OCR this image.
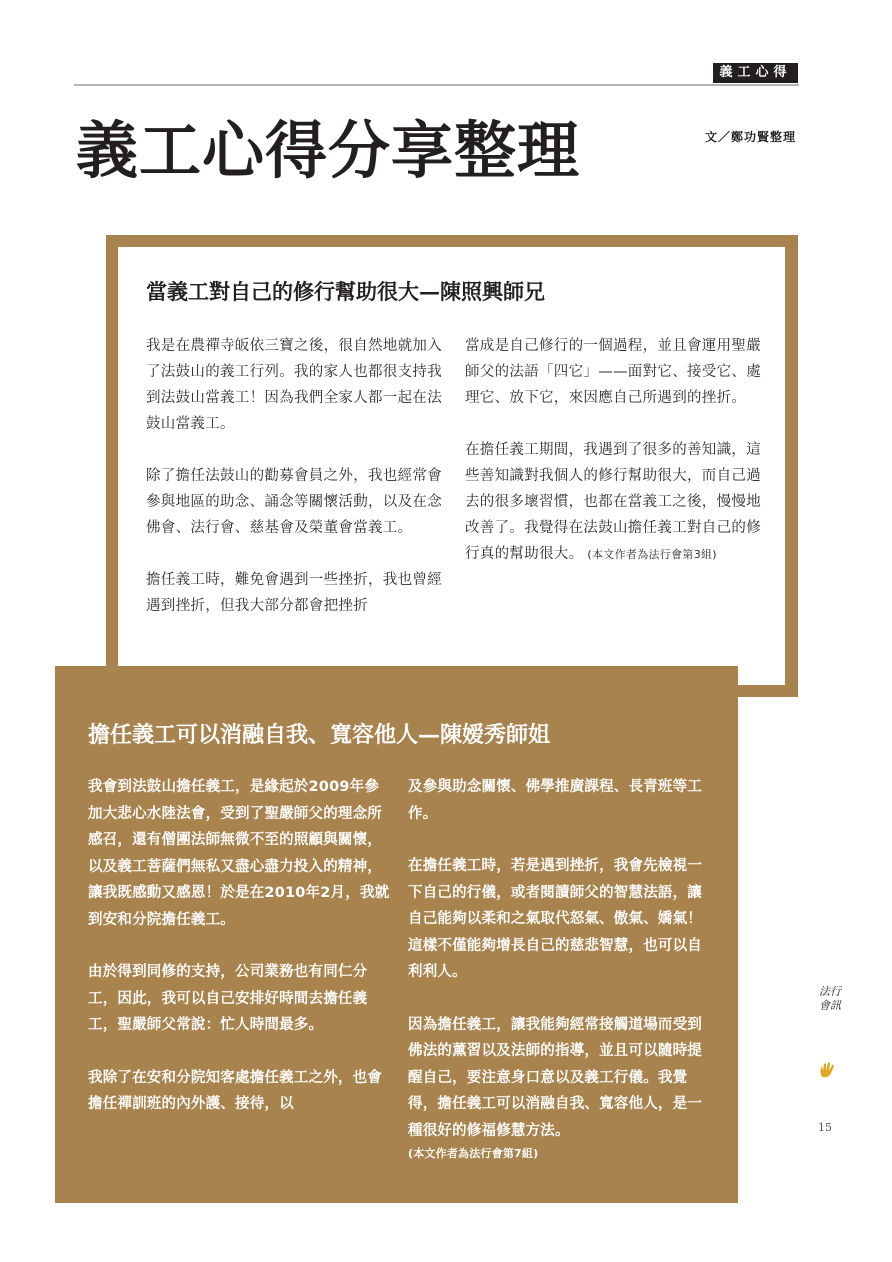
義工心得
義工心得分享整理	文／鄭功賢整理
當義工對自己的修行幫助很大—陳照興師兄

我是在農禪寺皈依三寶之後，很自然地就加入了法鼓山的義工行列。我的家人也都很支持我到法鼓山當義工！因為我們全家人都一起在法鼓山當義工。

除了擔任法鼓山的勸募會員之外，我也經常會參與地區的助念、誦念等關懷活動，以及在念佛會、法行會、慈基會及榮董會當義工。

擔任義工時，難免會遇到一些挫折，我也曾經遇到挫折，但我大部分都會把挫折

當成是自己修行的一個過程，並且會運用聖嚴師父的法語「四它」——面對它、接受它、處理它、放下它，來因應自己所遇到的挫折。

在擔任義工期間，我遇到了很多的善知識，這些善知識對我個人的修行幫助很大，而自己過去的很多壞習慣，也都在當義工之後，慢慢地改善了。我覺得在法鼓山擔任義工對自己的修行真的幫助很大。 (本文作者為法行會第3組)

擔任義工可以消融自我、寬容他人—陳嫒秀師姐

我會到法鼓山擔任義工，是緣起於2009年參加大悲心水陸法會，受到了聖嚴師父的理念所感召，還有僧團法師無微不至的照顧與關懷，以及義工菩薩們無私又盡心盡力投入的精神，讓我既感動又感恩！於是在2010年2月，我就到安和分院擔任義工。

由於得到同修的支持，公司業務也有同仁分工，因此，我可以自己安排好時間去擔任義工，聖嚴師父常說：忙人時間最多。

我除了在安和分院知客處擔任義工之外，也會擔任禪訓班的內外護、接待，以

及參與助念關懷、佛學推廣課程、長青班等工作。

在擔任義工時，若是遇到挫折，我會先檢視一下自己的行儀，或者閱讀師父的智慧法語，讓自己能夠以柔和之氣取代怒氣、傲氣、嬌氣！這樣不僅能夠增長自己的慈悲智慧，也可以自利利人。

因為擔任義工，讓我能夠經常接觸道場而受到佛法的薰習以及法師的指導，並且可以隨時提醒自己，要注意身口意以及義工行儀。我覺得，擔任義工可以消融自我、寬容他人，是一種很好的修福修慧方法。

(本文作者為法行會第7組)
法行會訊
15
